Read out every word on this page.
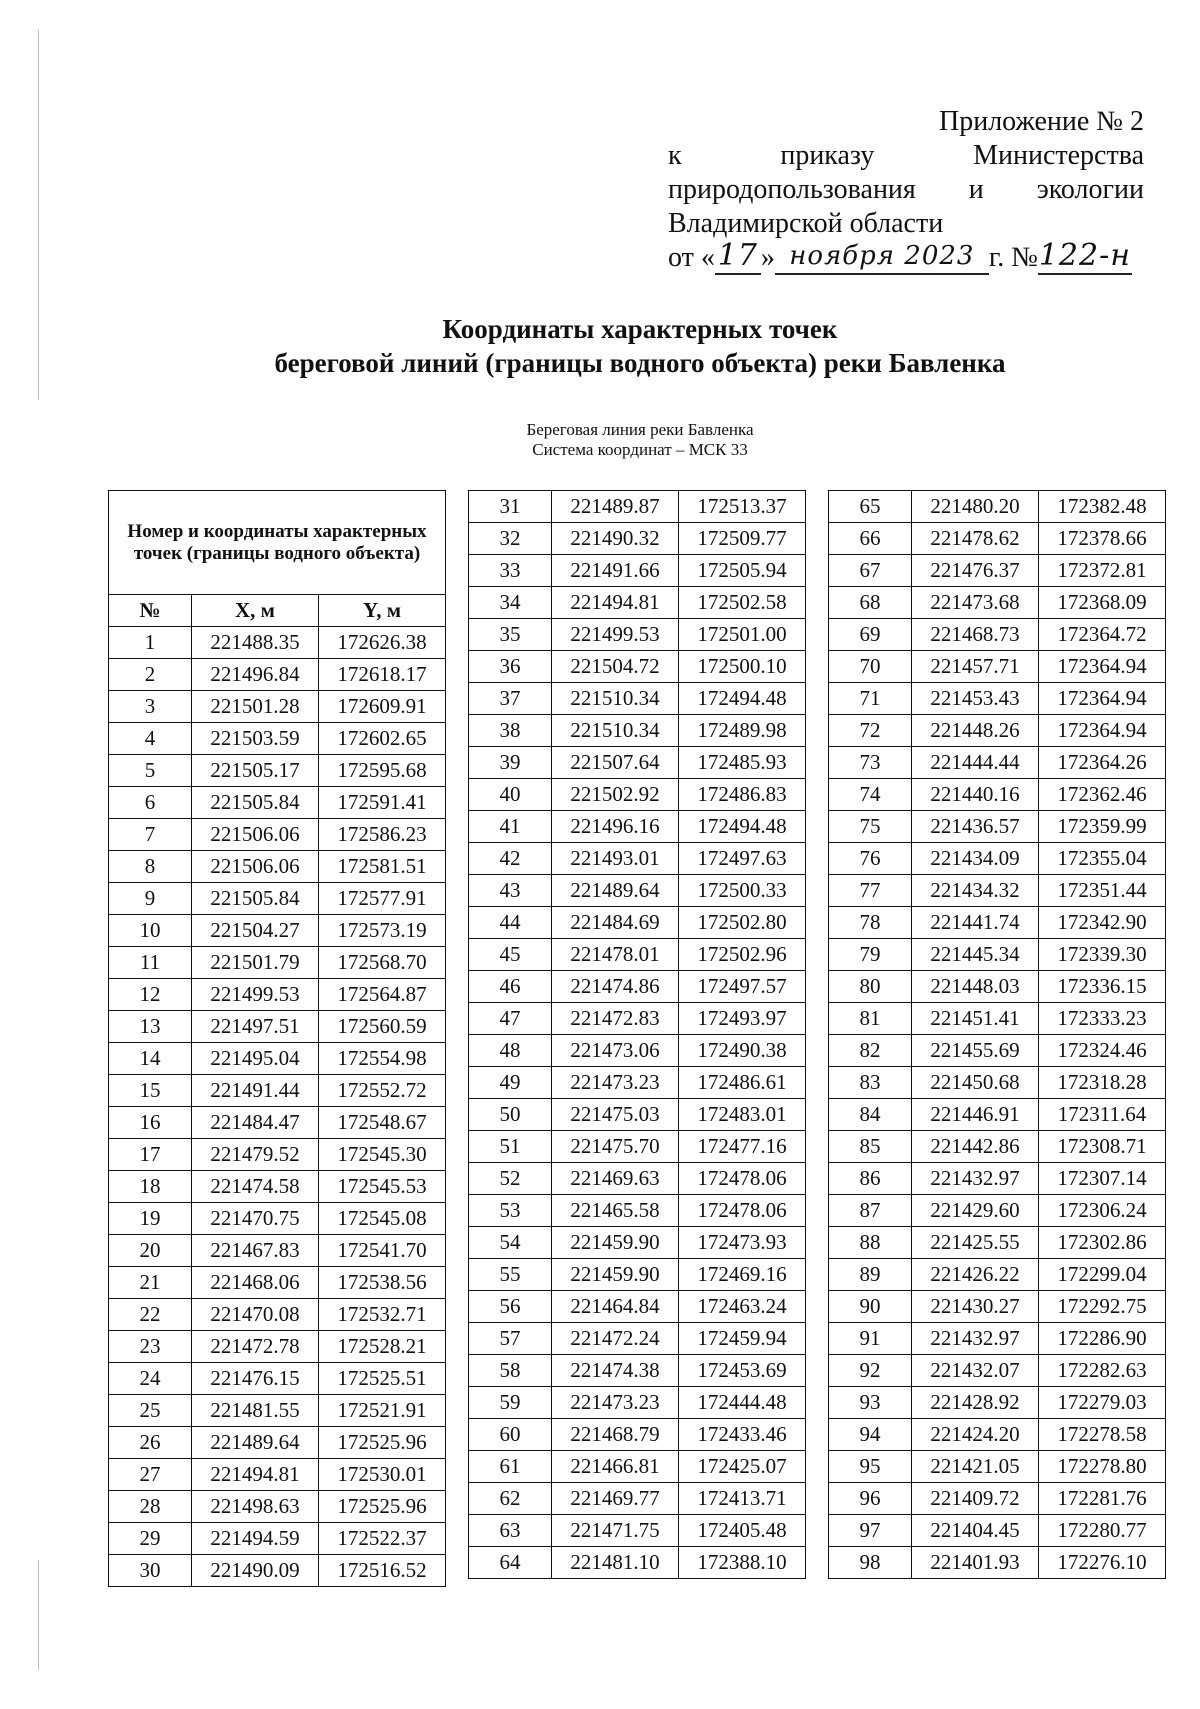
Приложение № 2
к	приказу	Министерства
природопользования и экологии
Владимирской области
от « 17 » ноября 2023 г. № 122-н
Координаты характерных точек
береговой линий (границы водного объекта) реки Бавленка
Береговая линия реки Бавленка
Система координат – МСК 33
Номер и координаты характерных точек (границы водного объекта)		
№	X, м	Y, м
1	221488.35	172626.38
2	221496.84	172618.17
3	221501.28	172609.91
4	221503.59	172602.65
5	221505.17	172595.68
6	221505.84	172591.41
7	221506.06	172586.23
8	221506.06	172581.51
9	221505.84	172577.91
10	221504.27	172573.19
11	221501.79	172568.70
12	221499.53	172564.87
13	221497.51	172560.59
14	221495.04	172554.98
15	221491.44	172552.72
16	221484.47	172548.67
17	221479.52	172545.30
18	221474.58	172545.53
19	221470.75	172545.08
20	221467.83	172541.70
21	221468.06	172538.56
22	221470.08	172532.71
23	221472.78	172528.21
24	221476.15	172525.51
25	221481.55	172521.91
26	221489.64	172525.96
27	221494.81	172530.01
28	221498.63	172525.96
29	221494.59	172522.37
30	221490.09	172516.52
31	221489.87	172513.37
32	221490.32	172509.77
33	221491.66	172505.94
34	221494.81	172502.58
35	221499.53	172501.00
36	221504.72	172500.10
37	221510.34	172494.48
38	221510.34	172489.98
39	221507.64	172485.93
40	221502.92	172486.83
41	221496.16	172494.48
42	221493.01	172497.63
43	221489.64	172500.33
44	221484.69	172502.80
45	221478.01	172502.96
46	221474.86	172497.57
47	221472.83	172493.97
48	221473.06	172490.38
49	221473.23	172486.61
50	221475.03	172483.01
51	221475.70	172477.16
52	221469.63	172478.06
53	221465.58	172478.06
54	221459.90	172473.93
55	221459.90	172469.16
56	221464.84	172463.24
57	221472.24	172459.94
58	221474.38	172453.69
59	221473.23	172444.48
60	221468.79	172433.46
61	221466.81	172425.07
62	221469.77	172413.71
63	221471.75	172405.48
64	221481.10	172388.10
65	221480.20	172382.48
66	221478.62	172378.66
67	221476.37	172372.81
68	221473.68	172368.09
69	221468.73	172364.72
70	221457.71	172364.94
71	221453.43	172364.94
72	221448.26	172364.94
73	221444.44	172364.26
74	221440.16	172362.46
75	221436.57	172359.99
76	221434.09	172355.04
77	221434.32	172351.44
78	221441.74	172342.90
79	221445.34	172339.30
80	221448.03	172336.15
81	221451.41	172333.23
82	221455.69	172324.46
83	221450.68	172318.28
84	221446.91	172311.64
85	221442.86	172308.71
86	221432.97	172307.14
87	221429.60	172306.24
88	221425.55	172302.86
89	221426.22	172299.04
90	221430.27	172292.75
91	221432.97	172286.90
92	221432.07	172282.63
93	221428.92	172279.03
94	221424.20	172278.58
95	221421.05	172278.80
96	221409.72	172281.76
97	221404.45	172280.77
98	221401.93	172276.10
